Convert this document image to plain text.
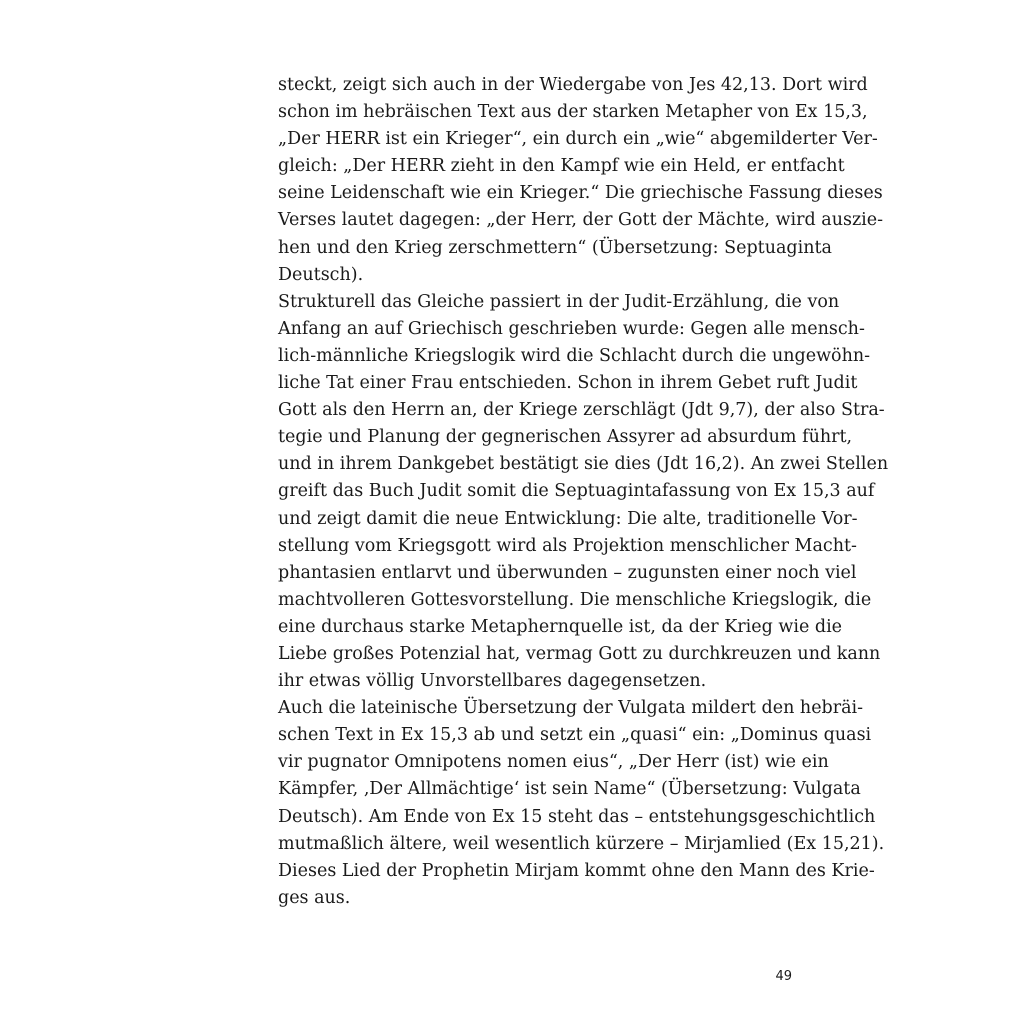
steckt, zeigt sich auch in der Wiedergabe von Jes 42,13. Dort wird
schon im hebräischen Text aus der starken Metapher von Ex 15,3,
„Der HERR ist ein Krieger“, ein durch ein „wie“ abgemilderter Ver-
gleich: „Der HERR zieht in den Kampf wie ein Held, er entfacht
seine Leidenschaft wie ein Krieger.“ Die griechische Fassung dieses
Verses lautet dagegen: „der Herr, der Gott der Mächte, wird auszie-
hen und den Krieg zerschmettern“ (Übersetzung: Septuaginta
Deutsch).
Strukturell das Gleiche passiert in der Judit-Erzählung, die von
Anfang an auf Griechisch geschrieben wurde: Gegen alle mensch-
lich-männliche Kriegslogik wird die Schlacht durch die ungewöhn-
liche Tat einer Frau entschieden. Schon in ihrem Gebet ruft Judit
Gott als den Herrn an, der Kriege zerschlägt (Jdt 9,7), der also Stra-
tegie und Planung der gegnerischen Assyrer ad absurdum führt,
und in ihrem Dankgebet bestätigt sie dies (Jdt 16,2). An zwei Stellen
greift das Buch Judit somit die Septuagintafassung von Ex 15,3 auf
und zeigt damit die neue Entwicklung: Die alte, traditionelle Vor-
stellung vom Kriegsgott wird als Projektion menschlicher Macht-
phantasien entlarvt und überwunden – zugunsten einer noch viel
machtvolleren Gottesvorstellung. Die menschliche Kriegslogik, die
eine durchaus starke Metaphernquelle ist, da der Krieg wie die
Liebe großes Potenzial hat, vermag Gott zu durchkreuzen und kann
ihr etwas völlig Unvorstellbares dagegensetzen.
Auch die lateinische Übersetzung der Vulgata mildert den hebräi-
schen Text in Ex 15,3 ab und setzt ein „quasi“ ein: „Dominus quasi
vir pugnator Omnipotens nomen eius“, „Der Herr (ist) wie ein
Kämpfer, ‚Der Allmächtige‘ ist sein Name“ (Übersetzung: Vulgata
Deutsch). Am Ende von Ex 15 steht das – entstehungsgeschichtlich
mutmaßlich ältere, weil wesentlich kürzere – Mirjamlied (Ex 15,21).
Dieses Lied der Prophetin Mirjam kommt ohne den Mann des Krie-
ges aus.
49
